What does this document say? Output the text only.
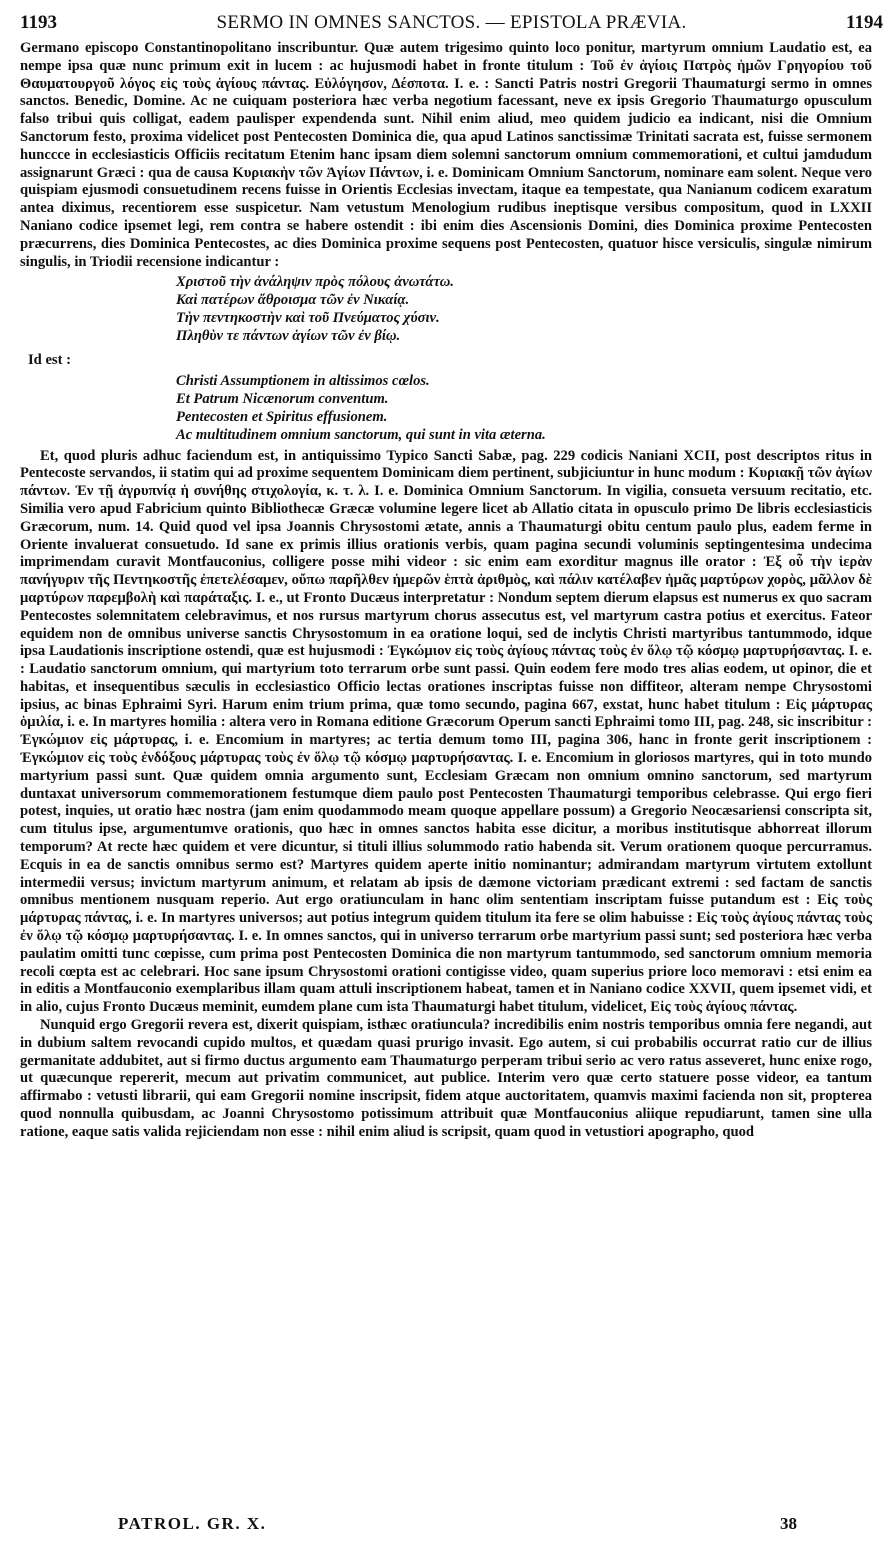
1193	SERMO IN OMNES SANCTOS. — EPISTOLA PRÆVIA.	1194

Germano episcopo Constantinopolitano inscribuntur. Quæ autem trigesimo quinto loco ponitur, martyrum omnium Laudatio est, ea nempe ipsa quæ nunc primum exit in lucem : ac hujusmodi habet in fronte titulum : Τοῦ ἐν ἁγίοις Πατρὸς ἡμῶν Γρηγορίου τοῦ Θαυματουργοῦ λόγος εἰς τοὺς ἁγίους πάντας. Εὐλόγησον, Δέσποτα. I. e. : Sancti Patris nostri Gregorii Thaumaturgi sermo in omnes sanctos. Benedic, Domine. Ac ne cuiquam posteriora hæc verba negotium facessant, neve ex ipsis Gregorio Thaumaturgo opusculum falso tribui quis colligat, eadem paulisper expendenda sunt. Nihil enim aliud, meo quidem judicio ea indicant, nisi die Omnium Sanctorum festo, proxima videlicet post Pentecosten Dominica die, qua apud Latinos sanctissimæ Trinitati sacrata est, fuisse sermonem hunccce in ecclesiasticis Officiis recitatum Etenim hanc ipsam diem solemni sanctorum omnium commemorationi, et cultui jamdudum assignarunt Græci : qua de causa Κυριακὴν τῶν Ἁγίων Πάντων, i. e. Dominicam Omnium Sanctorum, nominare eam solent. Neque vero quispiam ejusmodi consuetudinem recens fuisse in Orientis Ecclesias invectam, itaque ea tempestate, qua Nanianum codicem exaratum antea diximus, recentiorem esse suspicetur. Nam vetustum Menologium rudibus ineptisque versibus compositum, quod in LXXII Naniano codice ipsemet legi, rem contra se habere ostendit : ibi enim dies Ascensionis Domini, dies Dominica proxime Pentecosten præcurrens, dies Dominica Pentecostes, ac dies Dominica proxime sequens post Pentecosten, quatuor hisce versiculis, singulæ nimirum singulis, in Triodii recensione indicantur :

Χριστοῦ τὴν ἀνάληψιν πρὸς πόλους ἀνωτάτω.
Καὶ πατέρων ἄθροισμα τῶν ἐν Νικαίᾳ.
Τὴν πεντηκοστὴν καὶ τοῦ Πνεύματος χύσιν.
Πληθὺν τε πάντων ἁγίων τῶν ἐν βίῳ.
Id est :
Christi Assumptionem in altissimos cœlos.
Et Patrum Nicænorum conventum.
Pentecosten et Spiritus effusionem.
Ac multitudinem omnium sanctorum, qui sunt in vita æterna.

Et, quod pluris adhuc faciendum est, in antiquissimo Typico Sancti Sabæ, pag. 229 codicis Naniani XCII, post descriptos ritus in Pentecoste servandos, ii statim qui ad proxime sequentem Dominicam diem pertinent, subjiciuntur in hunc modum : Κυριακῇ τῶν ἁγίων πάντων. Ἐν τῇ ἀγρυπνίᾳ ἡ συνήθης στιχολογία, κ. τ. λ. I. e. Dominica Omnium Sanctorum. In vigilia, consueta versuum recitatio, etc. Similia vero apud Fabricium quinto Bibliothecæ Græcæ volumine legere licet ab Allatio citata in opusculo primo De libris ecclesiasticis Græcorum, num. 14. Quid quod vel ipsa Joannis Chrysostomi ætate, annis a Thaumaturgi obitu centum paulo plus, eadem ferme in Oriente invaluerat consuetudo. Id sane ex primis illius orationis verbis, quam pagina secundi voluminis septingentesima undecima imprimendam curavit Montfauconius, colligere posse mihi videor : sic enim eam exorditur magnus ille orator : Ἐξ οὗ τὴν ἱερὰν πανήγυριν τῆς Πεντηκοστῆς ἐπετελέσαμεν, οὔπω παρῆλθεν ἡμερῶν ἑπτὰ ἀριθμὸς, καὶ πάλιν κατέλαβεν ἡμᾶς μαρτύρων χορὸς, μᾶλλον δὲ μαρτύρων παρεμβολὴ καὶ παράταξις. I. e., ut Fronto Ducæus interpretatur : Nondum septem dierum elapsus est numerus ex quo sacram Pentecostes solemnitatem celebravimus, et nos rursus martyrum chorus assecutus est, vel martyrum castra potius et exercitus. Fateor equidem non de omnibus universe sanctis Chrysostomum in ea oratione loqui, sed de inclytis Christi martyribus tantummodo, idque ipsa Laudationis inscriptione ostendi, quæ est hujusmodi : Ἐγκώμιον εἰς τοὺς ἁγίους πάντας τοὺς ἐν ὅλῳ τῷ κόσμῳ μαρτυρήσαντας. I. e. : Laudatio sanctorum omnium, qui martyrium toto terrarum orbe sunt passi. Quin eodem fere modo tres alias eodem, ut opinor, die et habitas, et insequentibus sæculis in ecclesiastico Officio lectas orationes inscriptas fuisse non diffiteor, alteram nempe Chrysostomi ipsius, ac binas Ephraimi Syri. Harum enim trium prima, quæ tomo secundo, pagina 667, exstat, hunc habet titulum : Εἰς μάρτυρας ὁμιλία, i. e. In martyres homilia : altera vero in Romana editione Græcorum Operum sancti Ephraimi tomo III, pag. 248, sic inscribitur : Ἐγκώμιον εἰς μάρτυρας, i. e. Encomium in martyres; ac tertia demum tomo III, pagina 306, hanc in fronte gerit inscriptionem : Ἐγκώμιον εἰς τοὺς ἐνδόξους μάρτυρας τοὺς ἐν ὅλῳ τῷ κόσμῳ μαρτυρήσαντας. I. e. Encomium in gloriosos martyres, qui in toto mundo martyrium passi sunt. Quæ quidem omnia argumento sunt, Ecclesiam Græcam non omnium omnino sanctorum, sed martyrum duntaxat universorum commemorationem festumque diem paulo post Pentecosten Thaumaturgi temporibus celebrasse. Qui ergo fieri potest, inquies, ut oratio hæc nostra (jam enim quodammodo meam quoque appellare possum) a Gregorio Neocæsariensi conscripta sit, cum titulus ipse, argumentumve orationis, quo hæc in omnes sanctos habita esse dicitur, a moribus institutisque abhorreat illorum temporum? At recte hæc quidem et vere dicuntur, si tituli illius solummodo ratio habenda sit. Verum orationem quoque percurramus. Ecquis in ea de sanctis omnibus sermo est? Martyres quidem aperte initio nominantur; admirandam martyrum virtutem extollunt intermedii versus; invictum martyrum animum, et relatam ab ipsis de dæmone victoriam prædicant extremi : sed factam de sanctis omnibus mentionem nusquam reperio. Aut ergo oratiunculam in hanc olim sententiam inscriptam fuisse putandum est : Εἰς τοὺς μάρτυρας πάντας, i. e. In martyres universos; aut potius integrum quidem titulum ita fere se olim habuisse : Εἰς τοὺς ἁγίους πάντας τοὺς ἐν ὅλῳ τῷ κόσμῳ μαρτυρήσαντας. I. e. In omnes sanctos, qui in universo terrarum orbe martyrium passi sunt; sed posteriora hæc verba paulatim omitti tunc cœpisse, cum prima post Pentecosten Dominica die non martyrum tantummodo, sed sanctorum omnium memoria recoli cœpta est ac celebrari. Hoc sane ipsum Chrysostomi orationi contigisse video, quam superius priore loco memoravi : etsi enim ea in editis a Montfauconio exemplaribus illam quam attuli inscriptionem habeat, tamen et in Naniano codice XXVII, quem ipsemet vidi, et in alio, cujus Fronto Ducæus meminit, eumdem plane cum ista Thaumaturgi habet titulum, videlicet, Εἰς τοὺς ἁγίους πάντας.

Nunquid ergo Gregorii revera est, dixerit quispiam, isthæc oratiuncula? incredibilis enim nostris temporibus omnia fere negandi, aut in dubium saltem revocandi cupido multos, et quædam quasi prurigo invasit. Ego autem, si cui probabilis occurrat ratio cur de illius germanitate addubitet, aut si firmo ductus argumento eam Thaumaturgo perperam tribui serio ac vero ratus asseveret, hunc enixe rogo, ut quæcunque repererit, mecum aut privatim communicet, aut publice. Interim vero quæ certo statuere posse videor, ea tantum affirmabo : vetusti librarii, qui eam Gregorii nomine inscripsit, fidem atque auctoritatem, quamvis maximi facienda non sit, propterea quod nonnulla quibusdam, ac Joanni Chrysostomo potissimum attribuit quæ Montfauconius aliique repudiarunt, tamen sine ulla ratione, eaque satis valida rejiciendam non esse : nihil enim aliud is scripsit, quam quod in vetustiori apographo, quod

PATROL. GR. X.	38
